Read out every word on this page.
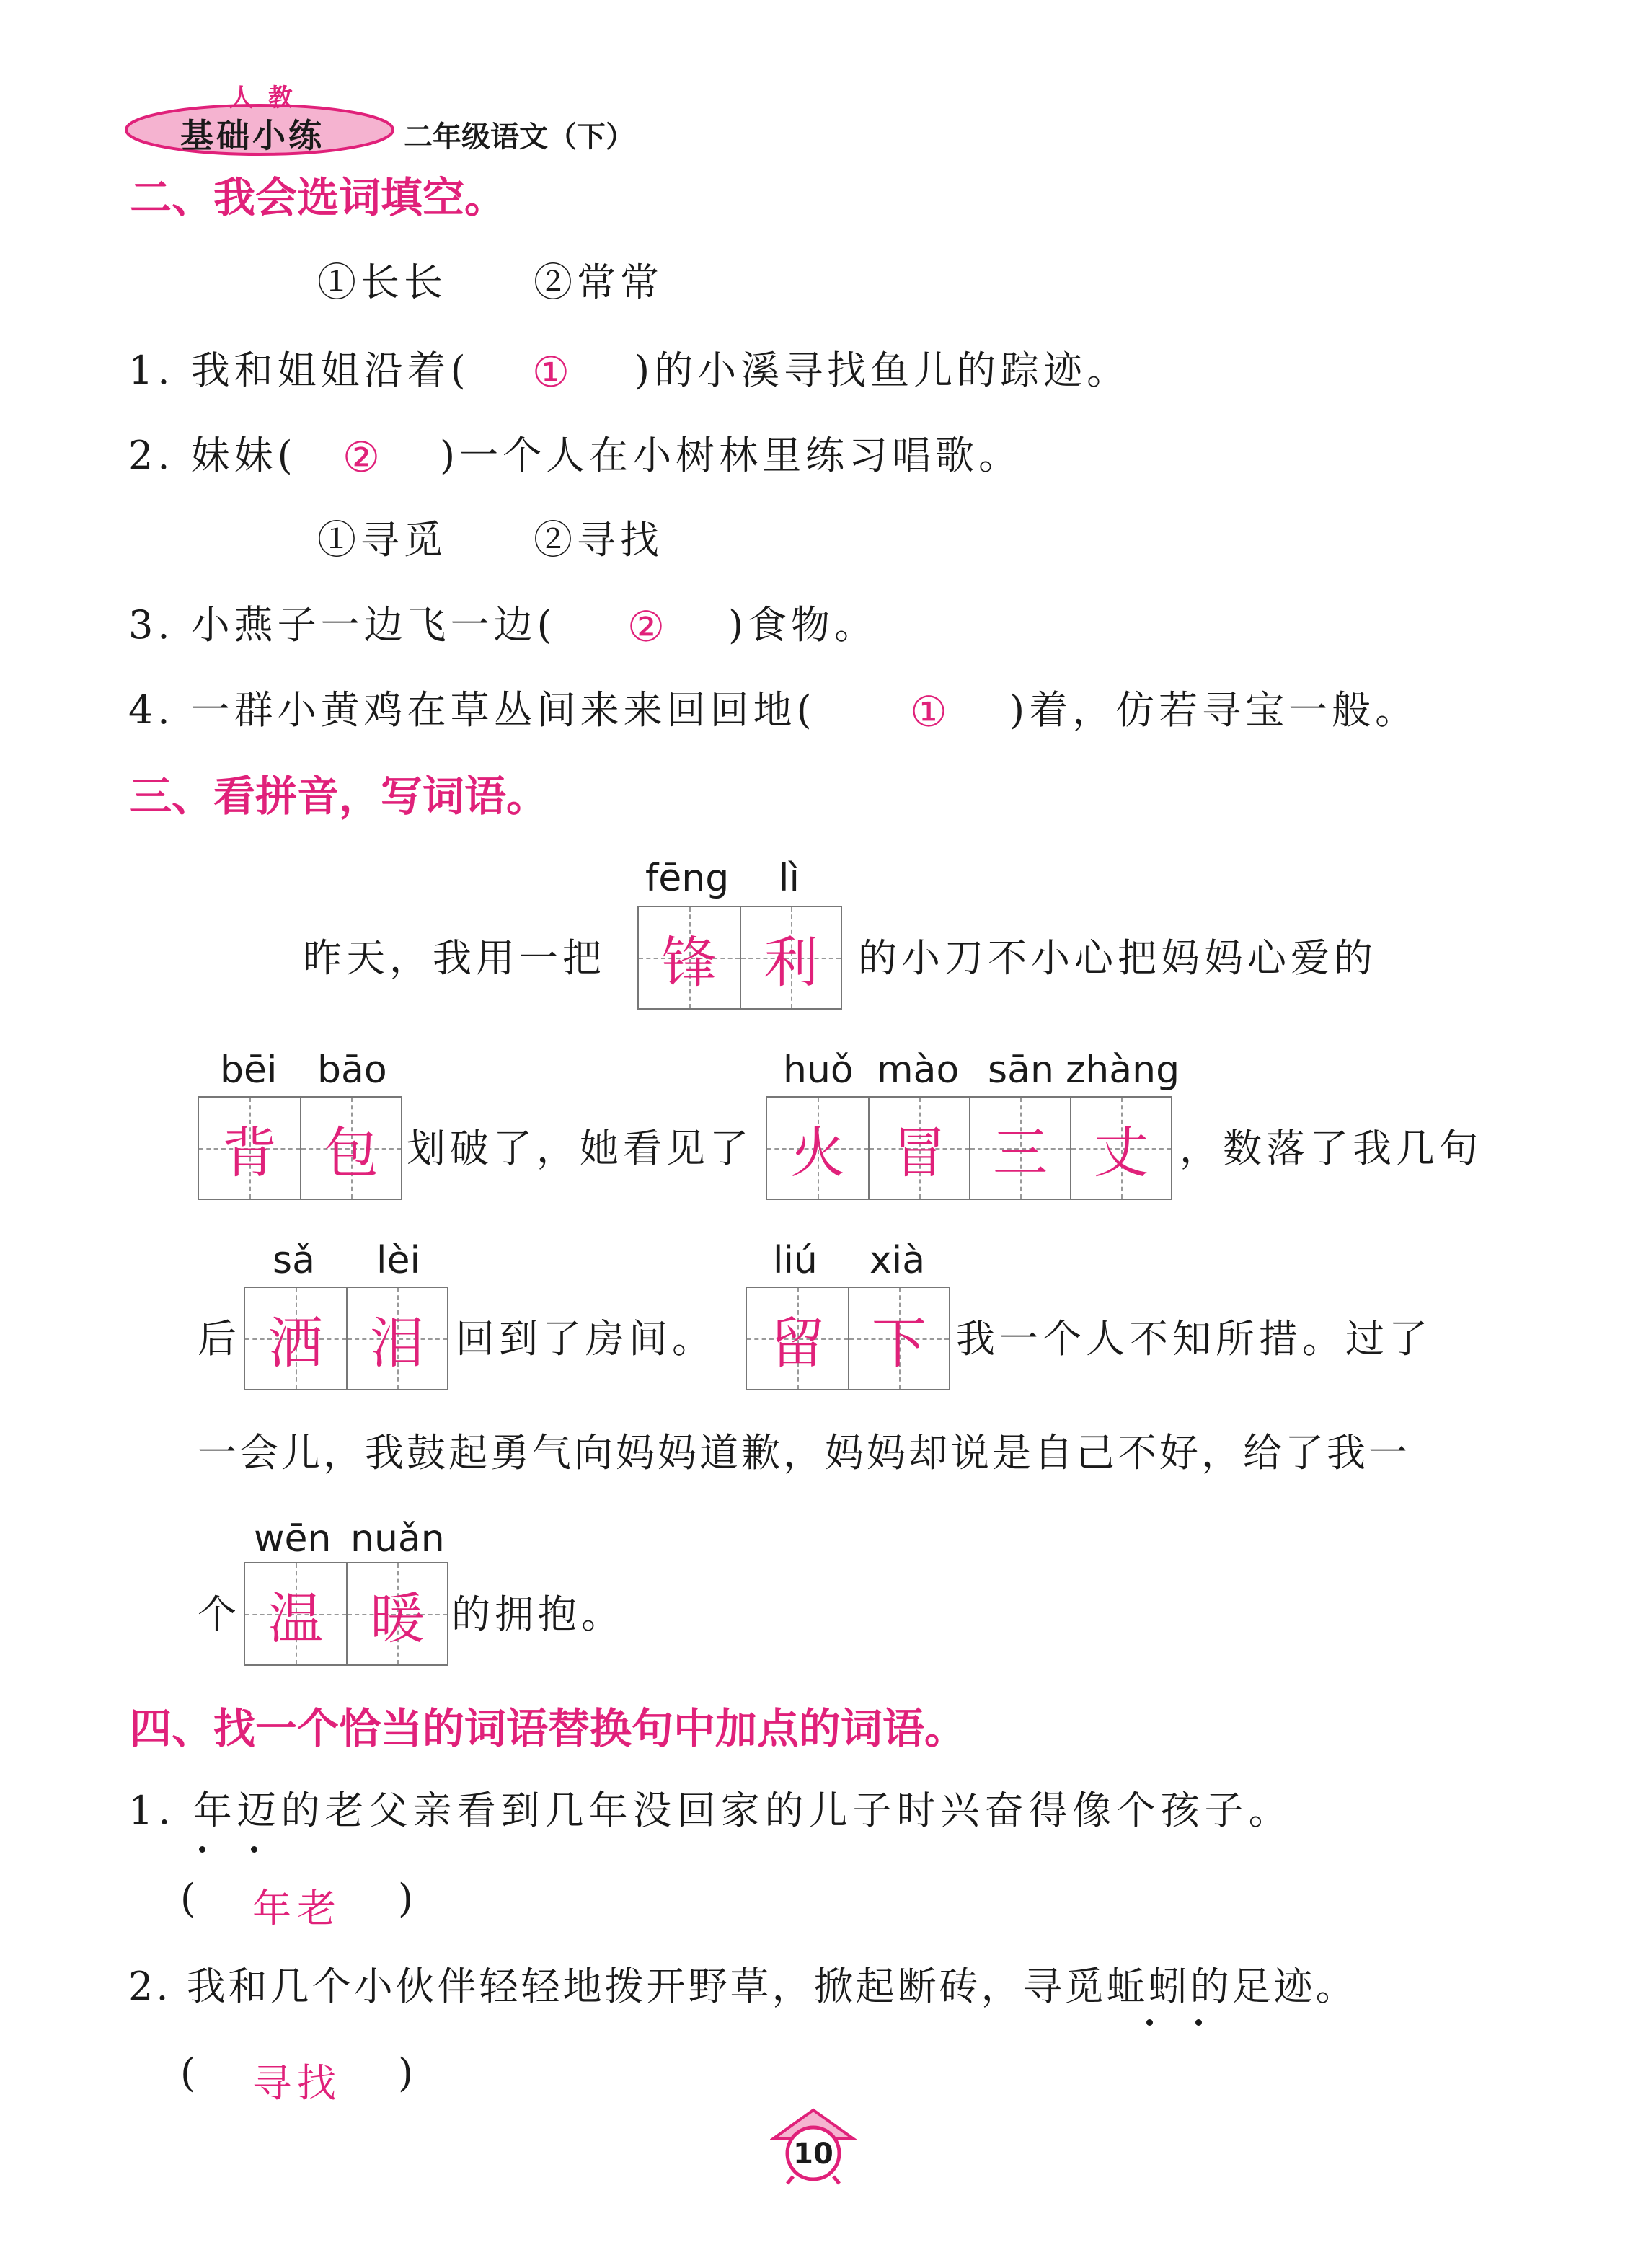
人 教
基础小练	二年级语文（下）
二、我会选词填空。
①长长　　②常常
1. 我和姐姐沿着( ① )的小溪寻找鱼儿的踪迹。
2. 妹妹( ② )一个人在小树林里练习唱歌。
①寻觅　　②寻找
3. 小燕子一边飞一边( ② )食物。
4. 一群小黄鸡在草丛间来来回回地( ① )着，仿若寻宝一般。
三、看拼音，写词语。
fēng lì
昨天，我用一把	锋 利	的小刀不小心把妈妈心爱的
bēi bāo
背 包 划破了，她看见了
huǒ mào sān zhàng
火 冒 三 丈 ，数落了我几句
sǎ lèi
后 洒 泪 回到了房间。
liú xià
留 下 我一个人不知所措。过了
一会儿，我鼓起勇气向妈妈道歉，妈妈却说是自己不好，给了我一
wēn nuǎn
个 温 暖 的拥抱。
四、找一个恰当的词语替换句中加点的词语。
1. 年迈的老父亲看到几年没回家的儿子时兴奋得像个孩子。
( 年老 )
2. 我和几个小伙伴轻轻地拨开野草，掀起断砖，寻觅蚯蚓的足迹。
( 寻找 )
10
